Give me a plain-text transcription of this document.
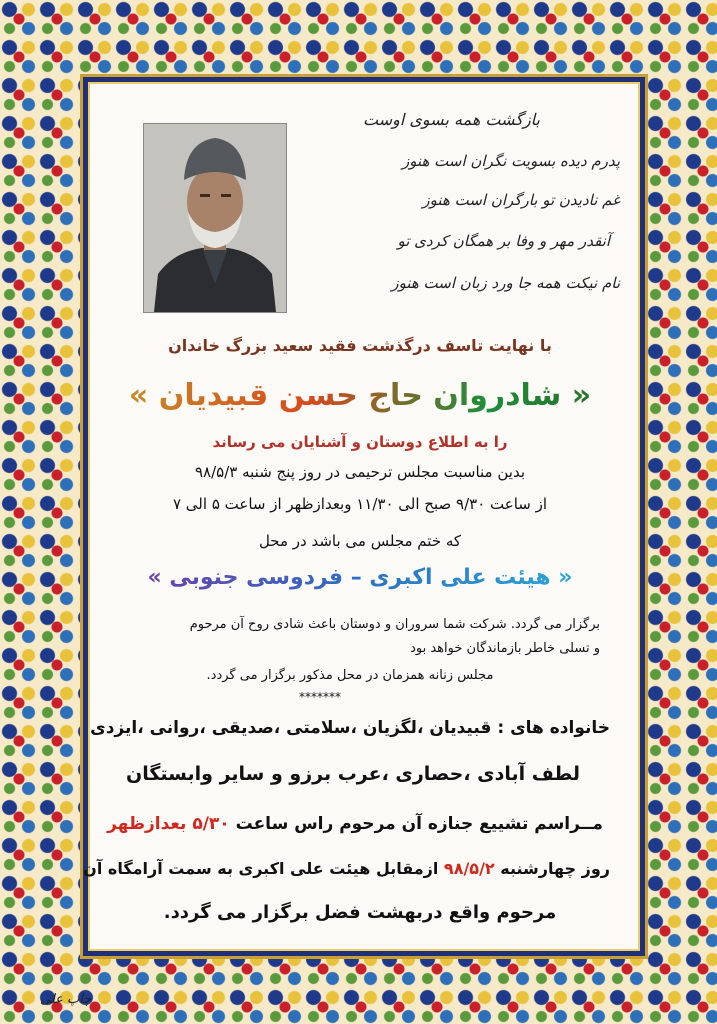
بازگشت همه بسوی اوست
پدرم دیده بسویت نگران است هنوز
غم نادیدن تو بارگران است هنوز
آنقدر مهر و وفا بر همگان کردی تو
نام نیکت همه جا ورد زبان است هنوز
با نهایت تاسف درگذشت فقید سعید بزرگ خاندان
« شادروان حاج حسن قبیدیان »
را به اطلاع دوستان و آشنایان می رساند
بدین مناسبت مجلس ترحیمی در روز پنج شنبه ۹۸/۵/۳
از ساعت ۹/۳۰ صبح الی ۱۱/۳۰ وبعدازظهر از ساعت ۵ الی ۷
که ختم مجلس می باشد در محل
« هیئت علی اکبری – فردوسی جنوبی »
برگزار می گردد. شرکت شما سروران و دوستان باعث شادی روح آن مرحوم
و تسلی خاطر بازماندگان خواهد بود
مجلس زنانه همزمان در محل مذکور برگزار می گردد.
*******
خانواده های : قبیدیان ،لگزیان ،سلامتی ،صدیقی ،روانی ،ایزدی
لطف آبادی ،حصاری ،عرب برزو و سایر وابستگان
مــراسم تشییع جنازه آن مرحوم راس ساعت ۵/۳۰ بعدازظهر
روز چهارشنبه ۹۸/۵/۲ ازمقابل هیئت علی اکبری به سمت آرامگاه آن
مرحوم واقع دربهشت فضل برگزار می گردد.
چاپ علی
